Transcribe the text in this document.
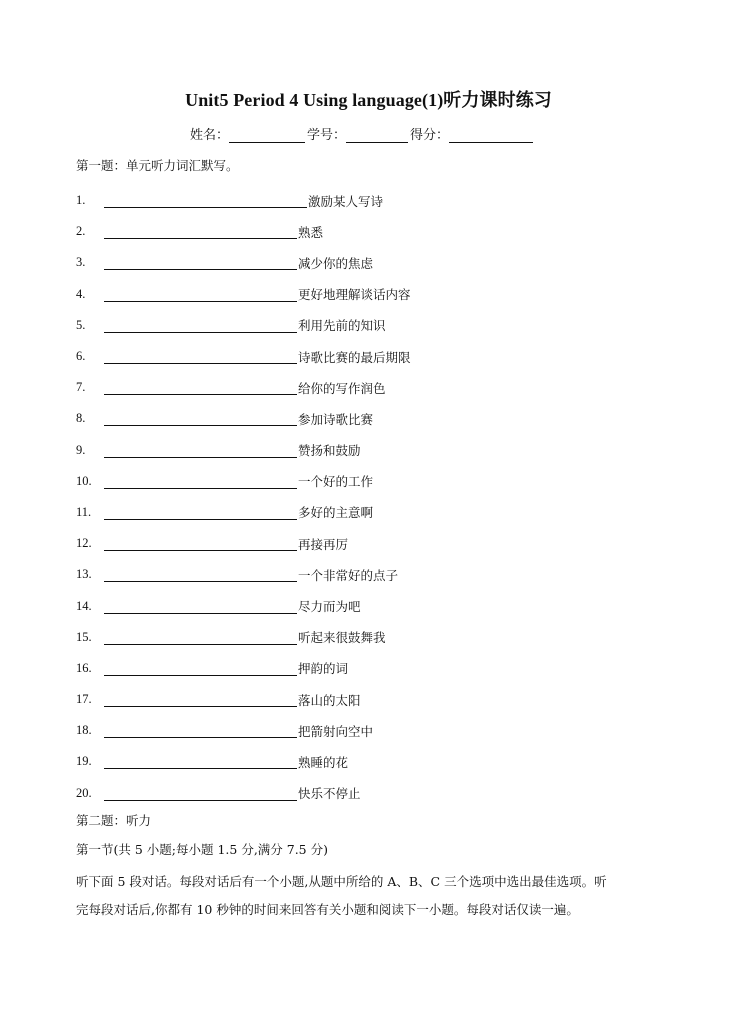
Unit5 Period 4 Using language(1)听力课时练习
姓名：	学号：	得分：
第一题：单元听力词汇默写。
1.	激励某人写诗
2.	熟悉
3.	减少你的焦虑
4.	更好地理解谈话内容
5.	利用先前的知识
6.	诗歌比赛的最后期限
7.	给你的写作润色
8.	参加诗歌比赛
9.	赞扬和鼓励
10.	一个好的工作
11.	多好的主意啊
12.	再接再厉
13.	一个非常好的点子
14.	尽力而为吧
15.	听起来很鼓舞我
16.	押韵的词
17.	落山的太阳
18.	把箭射向空中
19.	熟睡的花
20.	快乐不停止
第二题：听力
第一节(共 5 小题;每小题 1.5 分,满分 7.5 分)
听下面 5 段对话。每段对话后有一个小题,从题中所给的 A、B、C 三个选项中选出最佳选项。听
完每段对话后,你都有 10 秒钟的时间来回答有关小题和阅读下一小题。每段对话仅读一遍。
